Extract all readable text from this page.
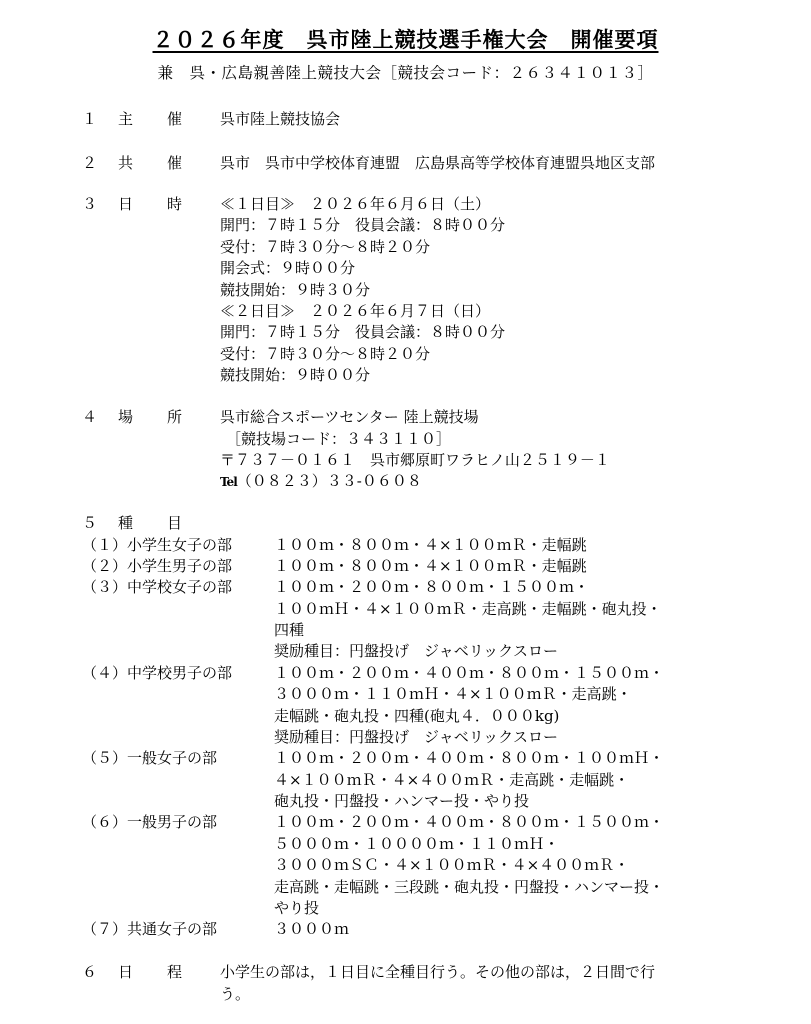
２０２６年度　呉市陸上競技選手権大会　開催要項
兼　呉・広島親善陸上競技大会［競技会コード：２６３４１０１３］
１ 主 催	呉市陸上競技協会
２ 共 催	呉市　呉市中学校体育連盟　広島県高等学校体育連盟呉地区支部
３ 日 時	≪１日目≫　２０２６年６月６日（土）
開門：７時１５分　役員会議：８時００分
受付：７時３０分～８時２０分
開会式：９時００分
競技開始：９時３０分
≪２日目≫　２０２６年６月７日（日）
開門：７時１５分　役員会議：８時００分
受付：７時３０分～８時２０分
競技開始：９時００分
４ 場 所	呉市総合スポーツセンター 陸上競技場
［競技場コード：３４３１１０］
〒７３７－０１６１　呉市郷原町ワラヒノ山２５１９－１
Tel（０８２３）３３-０６０８
５ 種 目
（１）小学生女子の部	１００ｍ・８００ｍ・４×１００ｍＲ・走幅跳
（２）小学生男子の部	１００ｍ・８００ｍ・４×１００ｍＲ・走幅跳
（３）中学校女子の部	１００ｍ・２００ｍ・８００ｍ・１５００ｍ・
１００ｍＨ・４×１００ｍＲ・走高跳・走幅跳・砲丸投・
四種
奨励種目：円盤投げ　ジャベリックスロー
（４）中学校男子の部	１００ｍ・２００ｍ・４００ｍ・８００ｍ・１５００ｍ・
３０００ｍ・１１０ｍＨ・４×１００ｍＲ・走高跳・
走幅跳・砲丸投・四種(砲丸４．０００kg)
奨励種目：円盤投げ　ジャベリックスロー
（５）一般女子の部	１００ｍ・２００ｍ・４００ｍ・８００ｍ・１００ｍＨ・
４×１００ｍＲ・４×４００ｍＲ・走高跳・走幅跳・
砲丸投・円盤投・ハンマー投・やり投
（６）一般男子の部	１００ｍ・２００ｍ・４００ｍ・８００ｍ・１５００ｍ・
５０００ｍ・１００００ｍ・１１０ｍＨ・
３０００ｍＳＣ・４×１００ｍＲ・４×４００ｍＲ・
走高跳・走幅跳・三段跳・砲丸投・円盤投・ハンマー投・
やり投
（７）共通女子の部	３０００ｍ
６ 日 程	小学生の部は，１日目に全種目行う。その他の部は，２日間で行
う。
